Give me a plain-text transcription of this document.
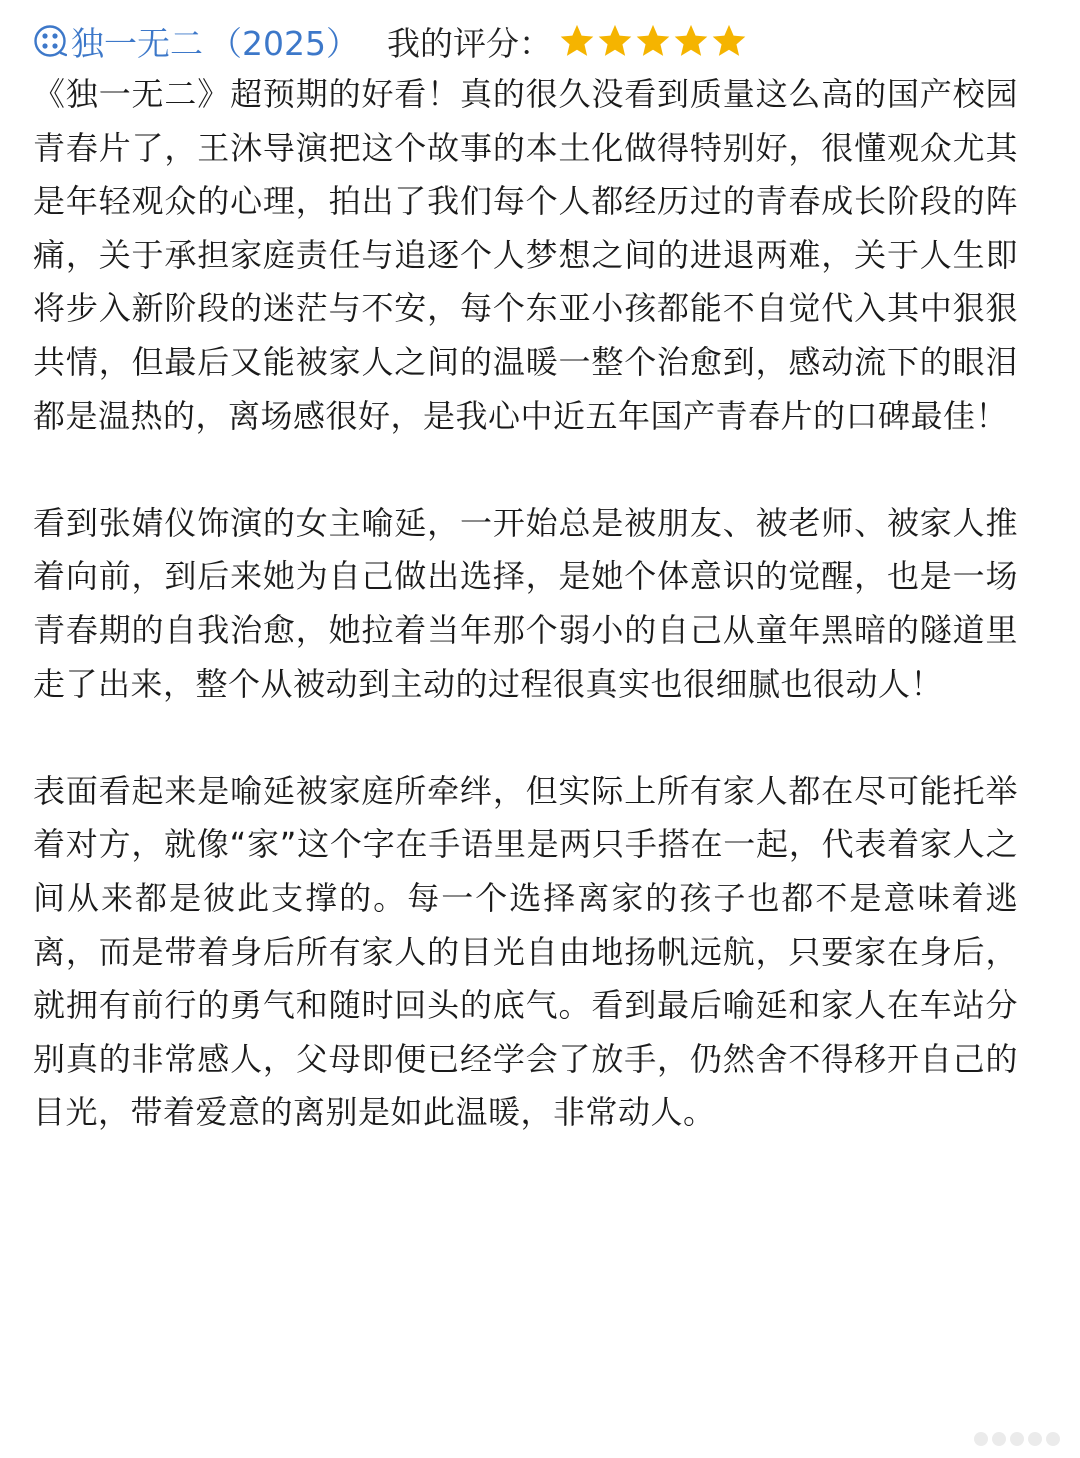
独一无二 （2025） 我的评分：

《独一无二》超预期的好看！真的很久没看到质量这么高的国产校园青春片了，王沐导演把这个故事的本土化做得特别好，很懂观众尤其是年轻观众的心理，拍出了我们每个人都经历过的青春成长阶段的阵痛，关于承担家庭责任与追逐个人梦想之间的进退两难，关于人生即将步入新阶段的迷茫与不安，每个东亚小孩都能不自觉代入其中狠狠共情，但最后又能被家人之间的温暖一整个治愈到，感动流下的眼泪都是温热的，离场感很好，是我心中近五年国产青春片的口碑最佳！

看到张婧仪饰演的女主喻延，一开始总是被朋友、被老师、被家人推着向前，到后来她为自己做出选择，是她个体意识的觉醒，也是一场青春期的自我治愈，她拉着当年那个弱小的自己从童年黑暗的隧道里走了出来，整个从被动到主动的过程很真实也很细腻也很动人！

表面看起来是喻延被家庭所牵绊，但实际上所有家人都在尽可能托举着对方，就像“家”这个字在手语里是两只手搭在一起，代表着家人之间从来都是彼此支撑的。每一个选择离家的孩子也都不是意味着逃离，而是带着身后所有家人的目光自由地扬帆远航，只要家在身后，就拥有前行的勇气和随时回头的底气。看到最后喻延和家人在车站分别真的非常感人，父母即便已经学会了放手，仍然舍不得移开自己的目光，带着爱意的离别是如此温暖，非常动人。
